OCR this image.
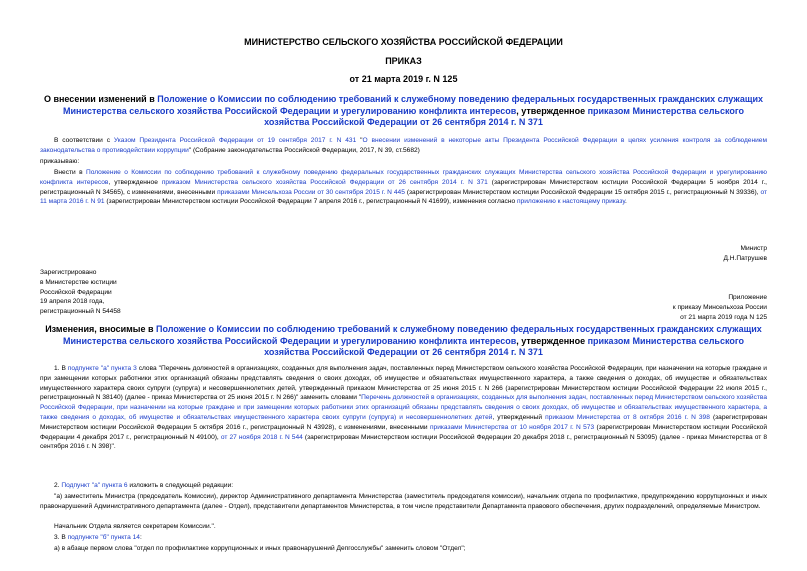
МИНИСТЕРСТВО СЕЛЬСКОГО ХОЗЯЙСТВА РОССИЙСКОЙ ФЕДЕРАЦИИ
ПРИКАЗ
от 21 марта 2019 г. N 125
О внесении изменений в Положение о Комиссии по соблюдению требований к служебному поведению федеральных государственных гражданских служащих Министерства сельского хозяйства Российской Федерации и урегулированию конфликта интересов, утвержденное приказом Министерства сельского хозяйства Российской Федерации от 26 сентября 2014 г. N 371
В соответствии с Указом Президента Российской Федерации от 19 сентября 2017 г. N 431 "О внесении изменений в некоторые акты Президента Российской Федерации в целях усиления контроля за соблюдением законодательства о противодействии коррупции" (Собрание законодательства Российской Федерации, 2017, N 39, ст.5682)
приказываю:
Внести в Положение о Комиссии по соблюдению требований к служебному поведению федеральных государственных гражданских служащих Министерства сельского хозяйства Российской Федерации и урегулированию конфликта интересов, утвержденное приказом Министерства сельского хозяйства Российской Федерации от 26 сентября 2014 г. N 371 (зарегистрирован Министерством юстиции Российской Федерации 5 ноября 2014 г., регистрационный N 34565), с изменениями, внесенными приказами Минсельхоза России от 30 сентября 2015 г. N 445 (зарегистрирован Министерством юстиции Российской Федерации 15 октября 2015 г., регистрационный N 39336), от 11 марта 2016 г. N 91 (зарегистрирован Министерством юстиции Российской Федерации 7 апреля 2016 г., регистрационный N 41699), изменения согласно приложению к настоящему приказу.
Министр
Д.Н.Патрушев
Зарегистрировано
в Министерстве юстиции
Российской Федерации
19 апреля 2018 года,
регистрационный N 54458
Приложение
к приказу Минсельхоза России
от 21 марта 2019 года N 125
Изменения, вносимые в Положение о Комиссии по соблюдению требований к служебному поведению федеральных государственных гражданских служащих Министерства сельского хозяйства Российской Федерации и урегулированию конфликта интересов, утвержденное приказом Министерства сельского хозяйства Российской Федерации от 26 сентября 2014 г. N 371
1. В подпункте "а" пункта 3 слова "Перечень должностей в организациях, созданных для выполнения задач, поставленных перед Министерством сельского хозяйства Российской Федерации, при назначении на которые граждане и при замещении которых работники этих организаций обязаны представлять сведения о своих доходах, об имуществе и обязательствах имущественного характера, а также сведения о доходах, об имуществе и обязательствах имущественного характера своих супруги (супруга) и несовершеннолетних детей, утвержденный приказом Министерства от 25 июня 2015 г. N 266 (зарегистрирован Министерством юстиции Российской Федерации 22 июля 2015 г., регистрационный N 38140) (далее - приказ Министерства от 25 июня 2015 г. N 266)" заменить словами "Перечень должностей в организациях, созданных для выполнения задач, поставленных перед Министерством сельского хозяйства Российской Федерации, при назначении на которые граждане и при замещении которых работники этих организаций обязаны представлять сведения о своих доходах, об имуществе и обязательствах имущественного характера, а также сведения о доходах, об имуществе и обязательствах имущественного характера своих супруги (супруга) и несовершеннолетних детей, утвержденный приказом Министерства от 8 октября 2016 г. N 398 (зарегистрирован Министерством юстиции Российской Федерации 5 октября 2016 г., регистрационный N 43928), с изменениями, внесенными приказами Министерства от 10 ноября 2017 г. N 573 (зарегистрирован Министерством юстиции Российской Федерации 4 декабря 2017 г., регистрационный N 49100), от 27 ноября 2018 г. N 544 (зарегистрирован Министерством юстиции Российской Федерации 20 декабря 2018 г., регистрационный N 53095) (далее - приказ Министерства от 8 сентября 2016 г. N 398)".
2. Подпункт "а" пункта 6 изложить в следующей редакции:
"а) заместитель Министра (председатель Комиссии), директор Административного департамента Министерства (заместитель председателя комиссии), начальник отдела по профилактике, предупреждению коррупционных и иных правонарушений Административного департамента (далее - Отдел), представители департаментов Министерства, в том числе представители Департамента правового обеспечения, других подразделений, определяемые Министром.
Начальник Отдела является секретарем Комиссии.".
3. В подпункте "б" пункта 14:
а) в абзаце первом слова "отдел по профилактике коррупционных и иных правонарушений Депгосслужбы" заменить словом "Отдел";
